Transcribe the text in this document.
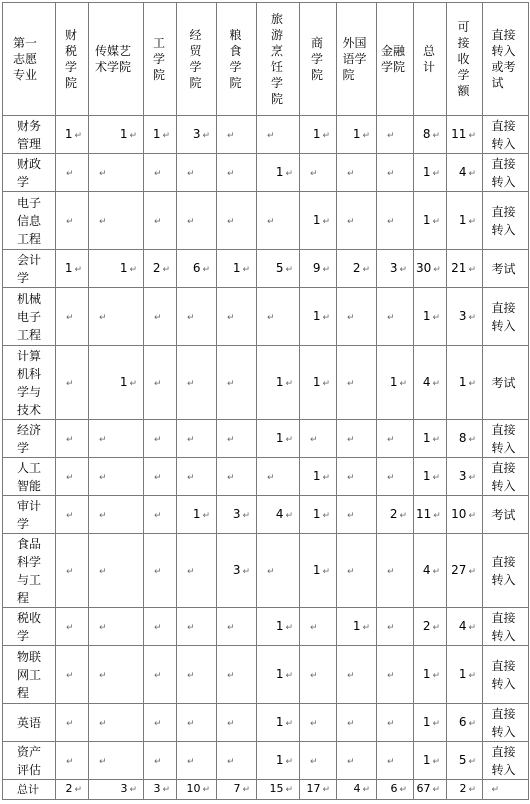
第一志愿专业	财税学院	传媒艺术学院	工学院	经贸学院	粮食学院	旅游烹饪学院	商学院	外国语学院	金融学院	总计	可接收学额	直接转入或考试
财务管理	1 ↵	1 ↵	1 ↵	3 ↵	↵	↵	1 ↵	1 ↵	↵	8 ↵	11 ↵	直接转入
财政学	↵	↵	↵	↵	↵	1 ↵	↵	↵	↵	1 ↵	4 ↵	直接转入
电子信息工程	↵	↵	↵	↵	↵	↵	1 ↵	↵	↵	1 ↵	1 ↵	直接转入
会计学	1 ↵	1 ↵	2 ↵	6 ↵	1 ↵	5 ↵	9 ↵	2 ↵	3 ↵	30 ↵	21 ↵	考试
机械电子工程	↵	↵	↵	↵	↵	↵	1 ↵	↵	↵	1 ↵	3 ↵	直接转入
计算机科学与技术	↵	1 ↵	↵	↵	↵	1 ↵	1 ↵	↵	1 ↵	4 ↵	1 ↵	考试
经济学	↵	↵	↵	↵	↵	1 ↵	↵	↵	↵	1 ↵	8 ↵	直接转入
人工智能	↵	↵	↵	↵	↵	↵	1 ↵	↵	↵	1 ↵	3 ↵	直接转入
审计学	↵	↵	↵	1 ↵	3 ↵	4 ↵	1 ↵	↵	2 ↵	11 ↵	10 ↵	考试
食品科学与工程	↵	↵	↵	↵	3 ↵	↵	1 ↵	↵	↵	4 ↵	27 ↵	直接转入
税收学	↵	↵	↵	↵	↵	1 ↵	↵	1 ↵	↵	2 ↵	4 ↵	直接转入
物联网工程	↵	↵	↵	↵	↵	1 ↵	↵	↵	↵	1 ↵	1 ↵	直接转入
英语	↵	↵	↵	↵	↵	1 ↵	↵	↵	↵	1 ↵	6 ↵	直接转入
资产评估	↵	↵	↵	↵	↵	1 ↵	↵	↵	↵	1 ↵	5 ↵	直接转入
总计	2 ↵	3 ↵	3 ↵	10 ↵	7 ↵	15 ↵	17 ↵	4 ↵	6 ↵	67 ↵	2 ↵	↵
